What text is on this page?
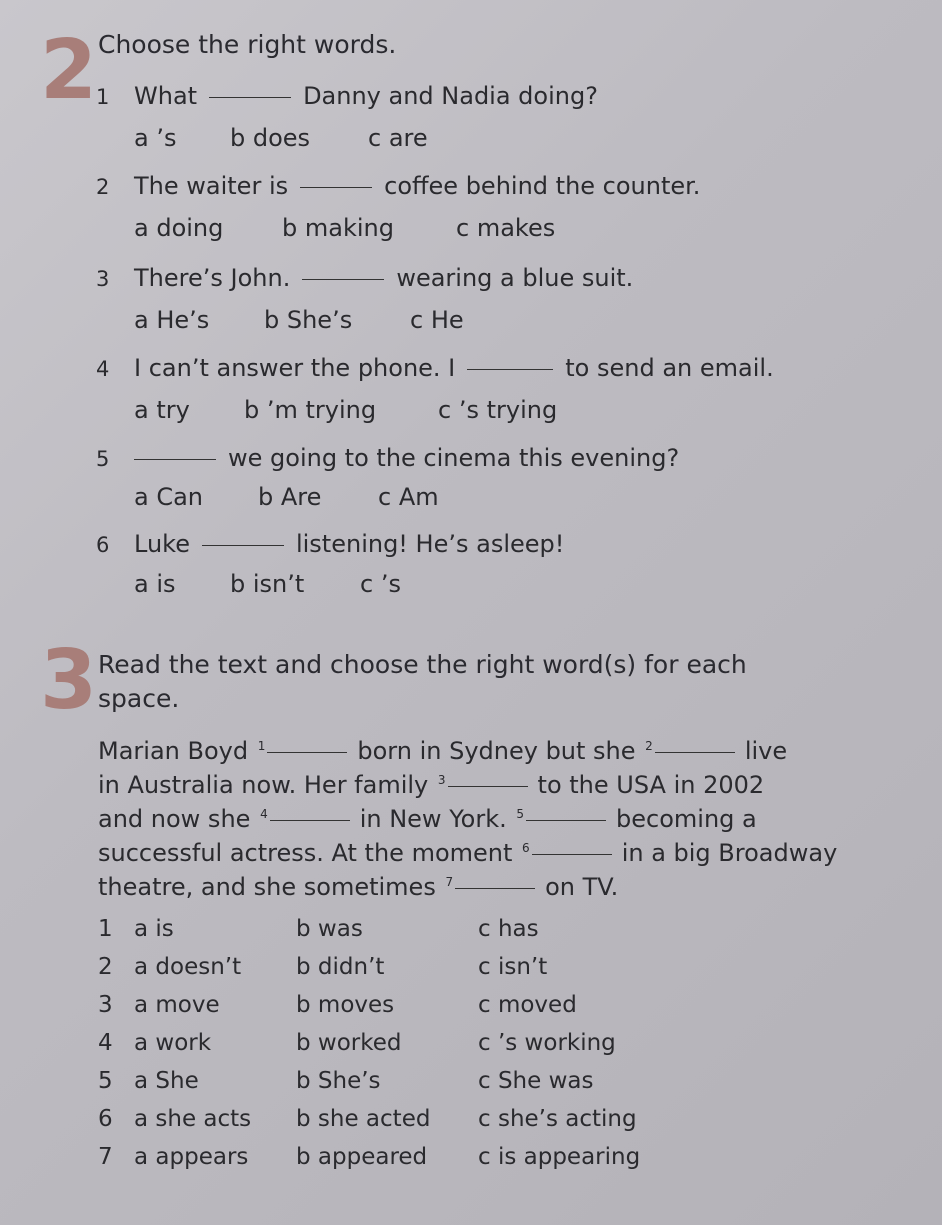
2 Choose the right words.
1 What	Danny and Nadia doing?
a ’s b does c are
2 The waiter is	coffee behind the counter.
a doing b making	c makes
3 There’s John.	wearing a blue suit.
a He’s b She’s c He
4 I can’t answer the phone. I	to send an email.
a try b ’m trying	c ’s trying
5	we going to the cinema this evening?
a Can b Are c Am
6 Luke	listening! He’s asleep!
a is b isn’t c ’s
3 Read the text and choose the right word(s) for each
space.
Marian Boyd $^1$	born in Sydney but she $^2$	live
in Australia now. Her family $^3$	to the USA in 2002
and now she $^4$	in New York. $^5$	becoming a
successful actress. At the moment $^6$	in a big Broadway
theatre, and she sometimes $^7$	on TV.
1 a is	b was	c has
2 a doesn’t b didn’t	c isn’t
3 a move	b moves	c moved
4 a work	b worked	c ’s working
5 a She	b She’s	c She was
6 a she acts b she acted c she’s acting
7 a appears b appeared c is appearing
